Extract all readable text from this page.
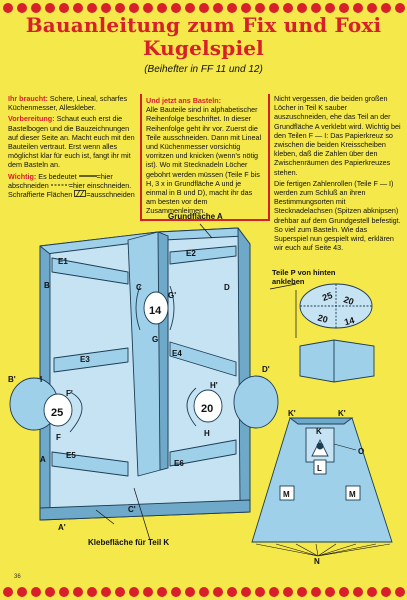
Bauanleitung zum Fix und Foxi
Kugelspiel
(Beihefter in FF 11 und 12)

Ihr braucht: Schere, Lineal, scharfes Küchenmesser, Alleskleber.

Vorbereitung: Schaut euch erst die Bastelbogen und die Bauzeichnungen auf dieser Seite an. Macht euch mit den Bauteilen vertraut. Erst wenn alles möglichst klar für euch ist, fangt ihr mit dem Basteln an.

Wichtig: Es bedeutet	=hier abschneiden	=hier einschneiden. Schraffierte Flächen =ausschneiden

Und jetzt ans Basteln:
Alle Bauteile sind in alphabetischer Reihenfolge beschriftet. In dieser Reihenfolge geht ihr vor. Zuerst die Teile ausschneiden. Dann mit Lineal und Küchenmesser vorsichtig vorritzen und knicken (wenn's nötig ist). Wo mit Stecknadeln Löcher gebohrt werden müssen (Teile F bis H, 3 x in Grundfläche A und je einmal in B und D), macht ihr das am besten vor dem Zusammenleimen.

Nicht vergessen, die beiden großen Löcher in Teil K sauber auszuschneiden, ehe das Teil an der Grundfläche A verklebt wird. Wichtig bei den Teilen F — I: Das Papierkreuz so zwischen die beiden Kreisscheiben kleben, daß die Zahlen über den Zwischenräumen des Papierkreuzes stehen.

Die fertigen Zahlenrollen (Teile F — I) werden zum Schluß an ihren Bestimmungsorten mit Stecknadelachsen (Spitzen abknipsen) drehbar auf dem Grundgestell befestigt. So viel zum Basteln. Wie das Superspiel nun gespielt wird, erklären wir euch auf Seite 43.

E1
E2
E3
E4
E5
E6
B
B'
C
C'
D
D'
A
A'
F
F'
I
G
G'
H
H'
K
K'	K'
L
M	M
N
O
14
25	20
25 20
20 14
Grundfläche A
Teile P von hinten ankleben
Klebefläche für Teil K
36
